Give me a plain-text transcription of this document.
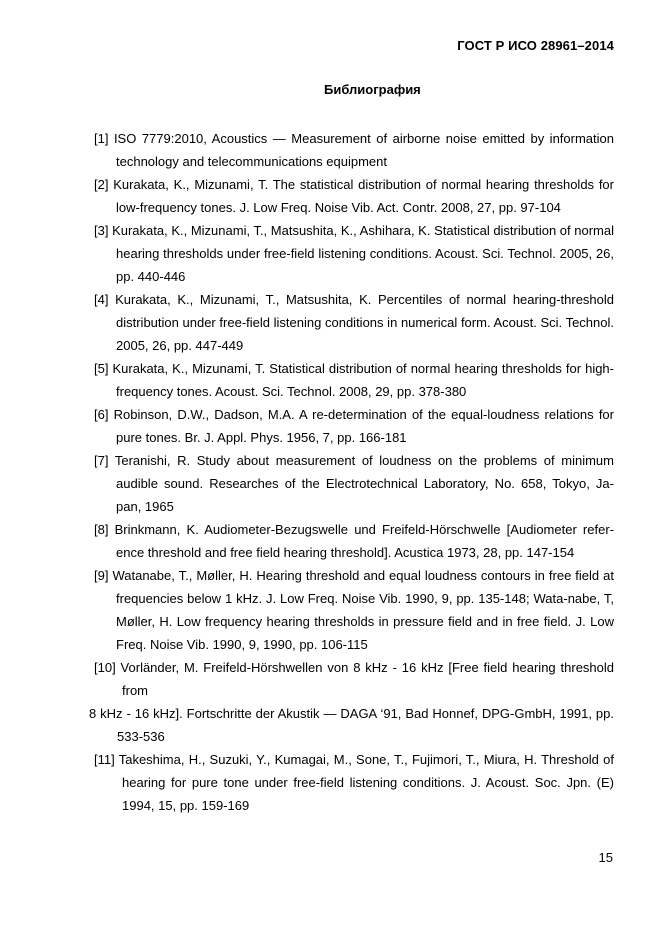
ГОСТ Р ИСО 28961–2014
Библиография
[1] ISO 7779:2010, Acoustics — Measurement of airborne noise emitted by information technology and telecommunications equipment
[2] Kurakata, K., Mizunami, T. The statistical distribution of normal hearing thresholds for low-frequency tones. J. Low Freq. Noise Vib. Act. Contr. 2008, 27, pp. 97-104
[3] Kurakata, K., Mizunami, T., Matsushita, K., Ashihara, K. Statistical distribution of normal hearing thresholds under free-field listening conditions. Acoust. Sci. Technol. 2005, 26, pp. 440-446
[4] Kurakata, K., Mizunami, T., Matsushita, K. Percentiles of normal hearing-threshold distribution under free-field listening conditions in numerical form. Acoust. Sci. Technol. 2005, 26, pp. 447-449
[5] Kurakata, K., Mizunami, T. Statistical distribution of normal hearing thresholds for high-frequency tones. Acoust. Sci. Technol. 2008, 29, pp. 378-380
[6] Robinson, D.W., Dadson, M.A. A re-determination of the equal-loudness relations for pure tones. Br. J. Appl. Phys. 1956, 7, pp. 166-181
[7] Teranishi, R. Study about measurement of loudness on the problems of minimum audible sound. Researches of the Electrotechnical Laboratory, No. 658, Tokyo, Ja-pan, 1965
[8] Brinkmann, K. Audiometer-Bezugswelle und Freifeld-Hörschwelle [Audiometer refer-ence threshold and free field hearing threshold]. Acustica 1973, 28, pp. 147-154
[9] Watanabe, T., Møller, H. Hearing threshold and equal loudness contours in free field at frequencies below 1 kHz. J. Low Freq. Noise Vib. 1990, 9, pp. 135-148; Wata-nabe, T, Møller, H. Low frequency hearing thresholds in pressure field and in free field. J. Low Freq. Noise Vib. 1990, 9, 1990, pp. 106-115
[10] Vorländer, M. Freifeld-Hörshwellen von 8 kHz - 16 kHz [Free field hearing threshold from
8 kHz - 16 kHz]. Fortschritte der Akustik — DAGA ‘91, Bad Honnef, DPG-GmbH, 1991, pp. 533-536
[11] Takeshima, H., Suzuki, Y., Kumagai, M., Sone, T., Fujimori, T., Miura, H. Threshold of hearing for pure tone under free-field listening conditions. J. Acoust. Soc. Jpn. (E) 1994, 15, pp. 159-169
15
